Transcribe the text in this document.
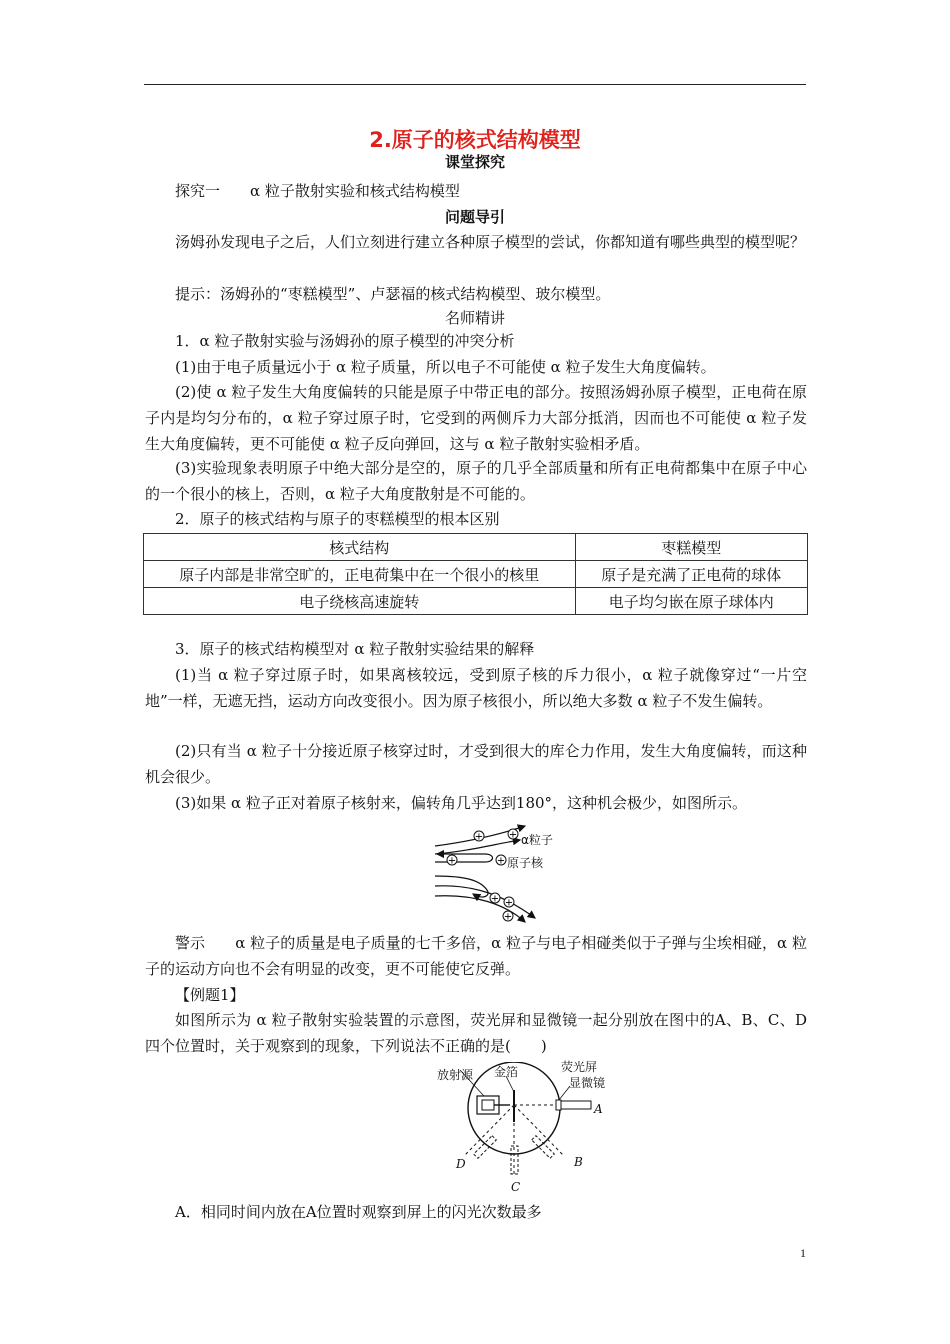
2.原子的核式结构模型
课堂探究
探究一　　α 粒子散射实验和核式结构模型
问题导引

汤姆孙发现电子之后，人们立刻进行建立各种原子模型的尝试，你都知道有哪些典型的模型呢？

提示：汤姆孙的“枣糕模型”、卢瑟福的核式结构模型、玻尔模型。
名师精讲
1．α 粒子散射实验与汤姆孙的原子模型的冲突分析
(1)由于电子质量远小于 α 粒子质量，所以电子不可能使 α 粒子发生大角度偏转。

(2)使 α 粒子发生大角度偏转的只能是原子中带正电的部分。按照汤姆孙原子模型，正电荷在原子内是均匀分布的，α 粒子穿过原子时，它受到的两侧斥力大部分抵消，因而也不可能使 α 粒子发生大角度偏转，更不可能使 α 粒子反向弹回，这与 α 粒子散射实验相矛盾。

(3)实验现象表明原子中绝大部分是空的，原子的几乎全部质量和所有正电荷都集中在原子中心的一个很小的核上，否则，α 粒子大角度散射是不可能的。

2．原子的核式结构与原子的枣糕模型的根本区别
核式结构	枣糕模型
原子内部是非常空旷的，正电荷集中在一个很小的核里	原子是充满了正电荷的球体
电子绕核高速旋转	电子均匀嵌在原子球体内
3．原子的核式结构模型对 α 粒子散射实验结果的解释

(1)当 α 粒子穿过原子时，如果离核较远，受到原子核的斥力很小，α 粒子就像穿过“一片空地”一样，无遮无挡，运动方向改变很小。因为原子核很小，所以绝大多数 α 粒子不发生偏转。

(2)只有当 α 粒子十分接近原子核穿过时，才受到很大的库仑力作用，发生大角度偏转，而这种机会很少。

(3)如果 α 粒子正对着原子核射来，偏转角几乎达到180°，这种机会极少，如图所示。
+	+
+	+
+ +
+
α粒子
原子核

警示　　α 粒子的质量是电子质量的七千多倍，α 粒子与电子相碰类似于子弹与尘埃相碰，α 粒子的运动方向也不会有明显的改变，更不可能使它反弹。

【例题1】

如图所示为 α 粒子散射实验装置的示意图，荧光屏和显微镜一起分别放在图中的A、B、C、D四个位置时，关于观察到的现象，下列说法不正确的是(　　)

放射源 金箔	荧光屏
显微镜
A
B
C
D
A．相同时间内放在A位置时观察到屏上的闪光次数最多
1
